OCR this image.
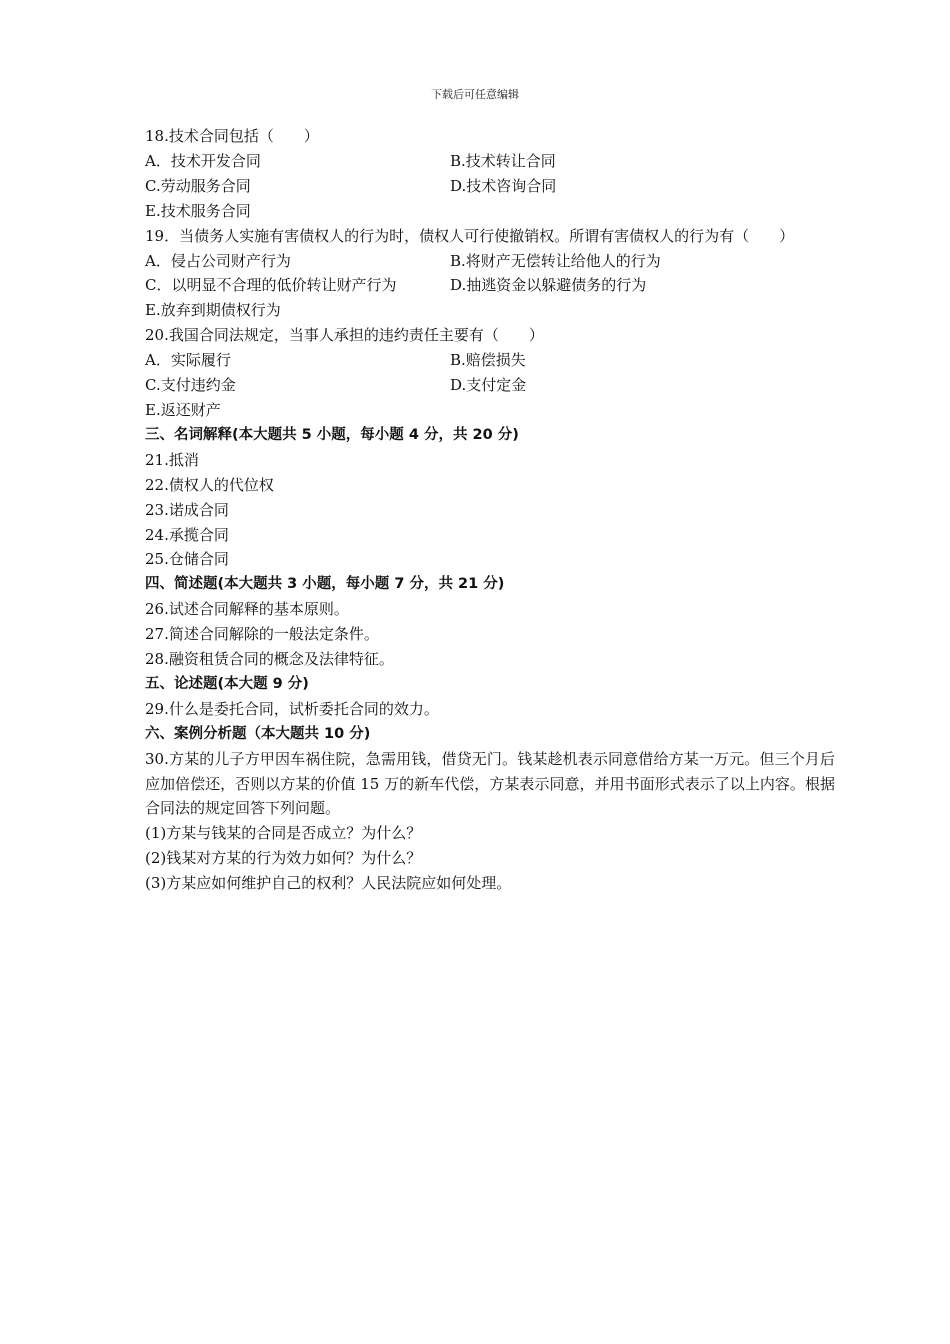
下载后可任意编辑
18.技术合同包括（　　）
A．技术开发合同	B.技术转让合同
C.劳动服务合同	D.技术咨询合同
E.技术服务合同
19．当债务人实施有害债权人的行为时，债权人可行使撤销权。所谓有害债权人的行为有（　　）
A．侵占公司财产行为	B.将财产无偿转让给他人的行为
C．以明显不合理的低价转让财产行为	D.抽逃资金以躲避债务的行为
E.放弃到期债权行为
20.我国合同法规定，当事人承担的违约责任主要有（　　）
A．实际履行	B.赔偿损失
C.支付违约金	D.支付定金
E.返还财产
三、名词解释(本大题共 5 小题，每小题 4 分，共 20 分)
21.抵消
22.债权人的代位权
23.诺成合同
24.承揽合同
25.仓储合同
四、简述题(本大题共 3 小题，每小题 7 分，共 21 分)
26.试述合同解释的基本原则。
27.简述合同解除的一般法定条件。
28.融资租赁合同的概念及法律特征。
五、论述题(本大题 9 分)
29.什么是委托合同，试析委托合同的效力。
六、案例分析题（本大题共 10 分)
30.方某的儿子方甲因车祸住院，急需用钱，借贷无门。钱某趁机表示同意借给方某一万元。但三个月后应加倍偿还，否则以方某的价值 15 万的新车代偿，方某表示同意，并用书面形式表示了以上内容。根据合同法的规定回答下列问题。
(1)方某与钱某的合同是否成立？为什么？
(2)钱某对方某的行为效力如何？为什么？
(3)方某应如何维护自己的权利？人民法院应如何处理。
